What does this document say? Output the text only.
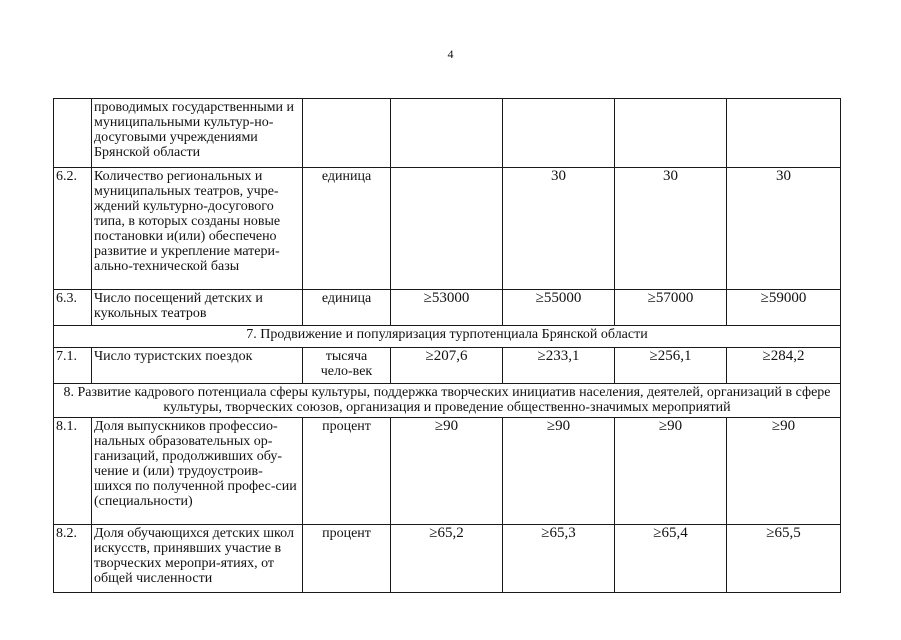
4
	проводимых государственными и муниципальными культур-но-досуговыми учреждениями Брянской области					
6.2.	Количество региональных и муниципальных театров, учре-ждений культурно-досугового типа, в которых созданы новые постановки и(или) обеспечено развитие и укрепление матери-ально-технической базы	единица		30	30	30
6.3.	Число посещений детских и кукольных театров	единица	≥53000	≥55000	≥57000	≥59000
7. Продвижение и популяризация турпотенциала Брянской области						
7.1.	Число туристских поездок	тысяча чело-век	≥207,6	≥233,1	≥256,1	≥284,2
8. Развитие кадрового потенциала сферы культуры, поддержка творческих инициатив населения, деятелей, организаций в сфере культуры, творческих союзов, организация и проведение общественно-значимых мероприятий						
8.1.	Доля выпускников профессио-нальных образовательных ор-ганизаций, продолживших обу-чение и (или) трудоустроив-шихся по полученной профес-сии (специальности)	процент	≥90	≥90	≥90	≥90
8.2.	Доля обучающихся детских школ искусств, принявших участие в творческих меропри-ятиях, от общей численности	процент	≥65,2	≥65,3	≥65,4	≥65,5
